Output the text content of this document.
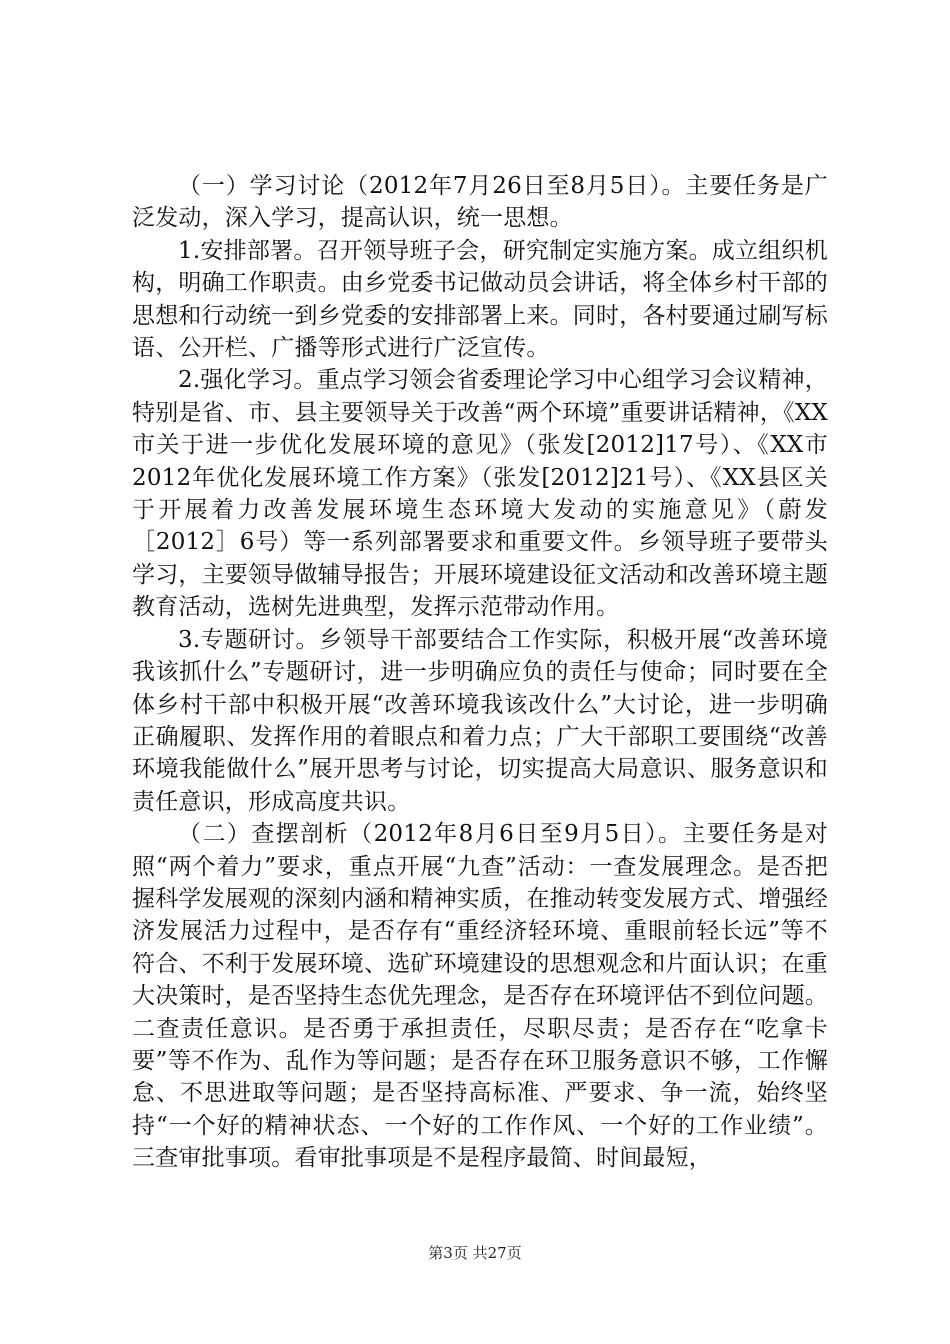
（一）学习讨论（2012年7月26日至8月5日）。主要任务是广泛发动，深入学习，提高认识，统一思想。

1.安排部署。召开领导班子会，研究制定实施方案。成立组织机构，明确工作职责。由乡党委书记做动员会讲话，将全体乡村干部的思想和行动统一到乡党委的安排部署上来。同时，各村要通过刷写标语、公开栏、广播等形式进行广泛宣传。

2.强化学习。重点学习领会省委理论学习中心组学习会议精神，特别是省、市、县主要领导关于改善“两个环境”重要讲话精神，《XX市关于进一步优化发展环境的意见》（张发[2012]17号）、《XX市2012年优化发展环境工作方案》（张发[2012]21号）、《XX县区关于开展着力改善发展环境生态环境大发动的实施意见》（蔚发［2012］6号）等一系列部署要求和重要文件。乡领导班子要带头学习，主要领导做辅导报告；开展环境建设征文活动和改善环境主题教育活动，选树先进典型，发挥示范带动作用。

3.专题研讨。乡领导干部要结合工作实际，积极开展“改善环境我该抓什么”专题研讨，进一步明确应负的责任与使命；同时要在全体乡村干部中积极开展“改善环境我该改什么”大讨论，进一步明确正确履职、发挥作用的着眼点和着力点；广大干部职工要围绕“改善环境我能做什么”展开思考与讨论，切实提高大局意识、服务意识和责任意识，形成高度共识。

（二）查摆剖析（2012年8月6日至9月5日）。主要任务是对照“两个着力”要求，重点开展“九查”活动：一查发展理念。是否把握科学发展观的深刻内涵和精神实质，在推动转变发展方式、增强经济发展活力过程中，是否存有“重经济轻环境、重眼前轻长远”等不符合、不利于发展环境、选矿环境建设的思想观念和片面认识；在重大决策时，是否坚持生态优先理念，是否存在环境评估不到位问题。二查责任意识。是否勇于承担责任，尽职尽责；是否存在“吃拿卡要”等不作为、乱作为等问题；是否存在环卫服务意识不够，工作懈怠、不思进取等问题；是否坚持高标准、严要求、争一流，始终坚持“一个好的精神状态、一个好的工作作风、一个好的工作业绩”。三查审批事项。看审批事项是不是程序最简、时间最短，

第3页 共27页
